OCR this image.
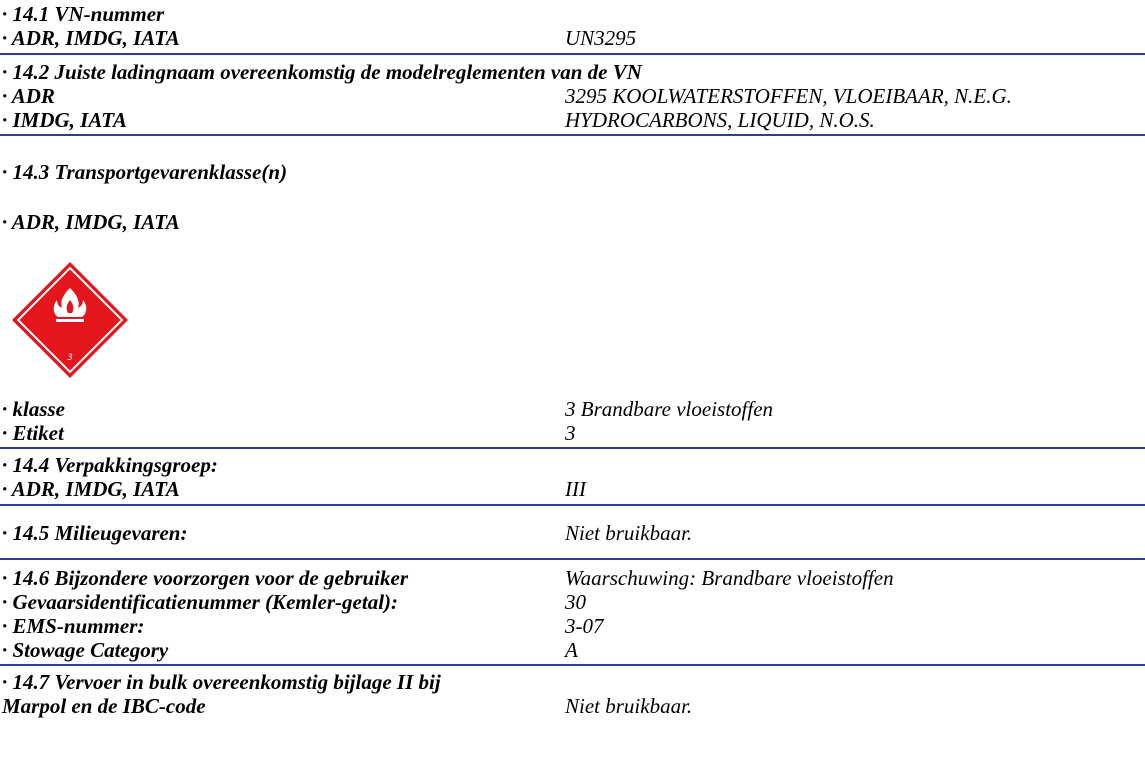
· 14.1 VN-nummer
· ADR, IMDG, IATA	UN3295
· 14.2 Juiste ladingnaam overeenkomstig de modelreglementen van de VN
· ADR	3295 KOOLWATERSTOFFEN, VLOEIBAAR, N.E.G.
· IMDG, IATA	HYDROCARBONS, LIQUID, N.O.S.
· 14.3 Transportgevarenklasse(n)
· ADR, IMDG, IATA
3
· klasse	3 Brandbare vloeistoffen
· Etiket	3
· 14.4 Verpakkingsgroep:
· ADR, IMDG, IATA	III
· 14.5 Milieugevaren:	Niet bruikbaar.
· 14.6 Bijzondere voorzorgen voor de gebruiker	Waarschuwing: Brandbare vloeistoffen
· Gevaarsidentificatienummer (Kemler-getal):	30
· EMS-nummer:	3-07
· Stowage Category	A
· 14.7 Vervoer in bulk overeenkomstig bijlage II bij
Marpol en de IBC-code	Niet bruikbaar.
